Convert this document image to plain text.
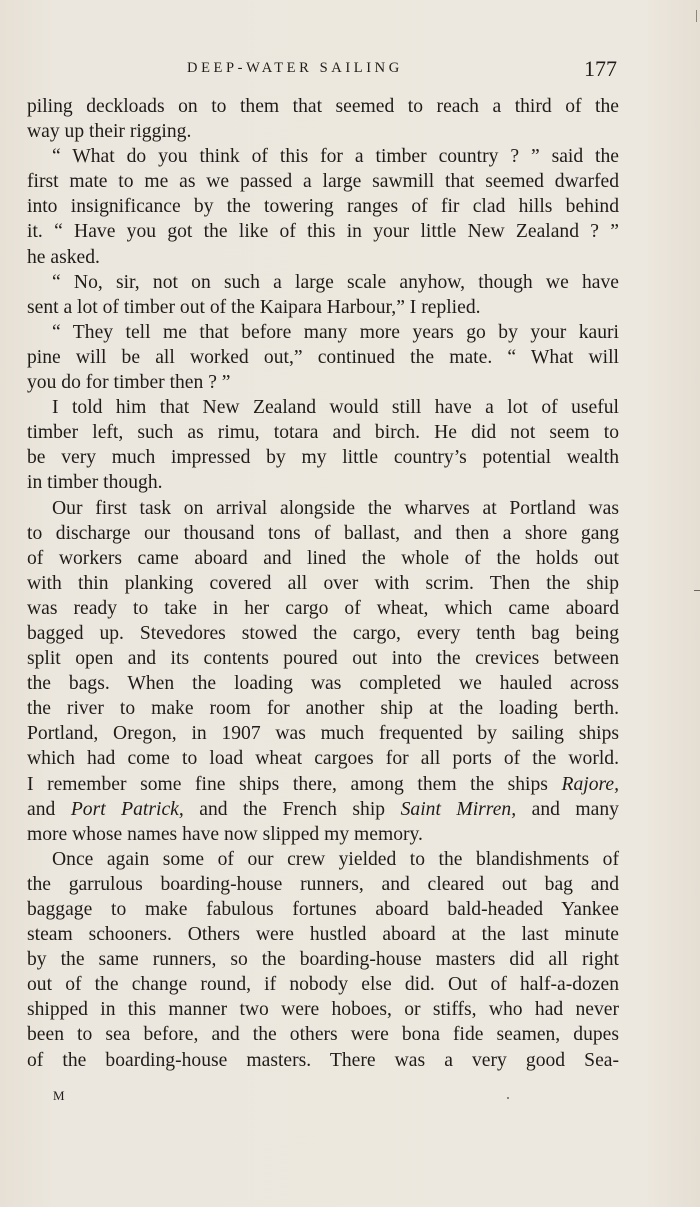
DEEP-WATER SAILING	177
piling deckloads on to them that seemed to reach a third of the
way up their rigging.
“ What do you think of this for a timber country ? ” said the
first mate to me as we passed a large sawmill that seemed dwarfed
into insignificance by the towering ranges of fir clad hills behind
it. “ Have you got the like of this in your little New Zealand ? ”
he asked.
“ No, sir, not on such a large scale anyhow, though we have
sent a lot of timber out of the Kaipara Harbour,” I replied.
“ They tell me that before many more years go by your kauri
pine will be all worked out,” continued the mate. “ What will
you do for timber then ? ”
I told him that New Zealand would still have a lot of useful
timber left, such as rimu, totara and birch. He did not seem to
be very much impressed by my little country’s potential wealth
in timber though.
Our first task on arrival alongside the wharves at Portland was
to discharge our thousand tons of ballast, and then a shore gang
of workers came aboard and lined the whole of the holds out
with thin planking covered all over with scrim. Then the ship
was ready to take in her cargo of wheat, which came aboard
bagged up. Stevedores stowed the cargo, every tenth bag being
split open and its contents poured out into the crevices between
the bags. When the loading was completed we hauled across
the river to make room for another ship at the loading berth.
Portland, Oregon, in 1907 was much frequented by sailing ships
which had come to load wheat cargoes for all ports of the world.
I remember some fine ships there, among them the ships Rajore,
and Port Patrick, and the French ship Saint Mirren, and many
more whose names have now slipped my memory.
Once again some of our crew yielded to the blandishments of
the garrulous boarding-house runners, and cleared out bag and
baggage to make fabulous fortunes aboard bald-headed Yankee
steam schooners. Others were hustled aboard at the last minute
by the same runners, so the boarding-house masters did all right
out of the change round, if nobody else did. Out of half-a-dozen
shipped in this manner two were hoboes, or stiffs, who had never
been to sea before, and the others were bona fide seamen, dupes
of the boarding-house masters. There was a very good Sea-
M
